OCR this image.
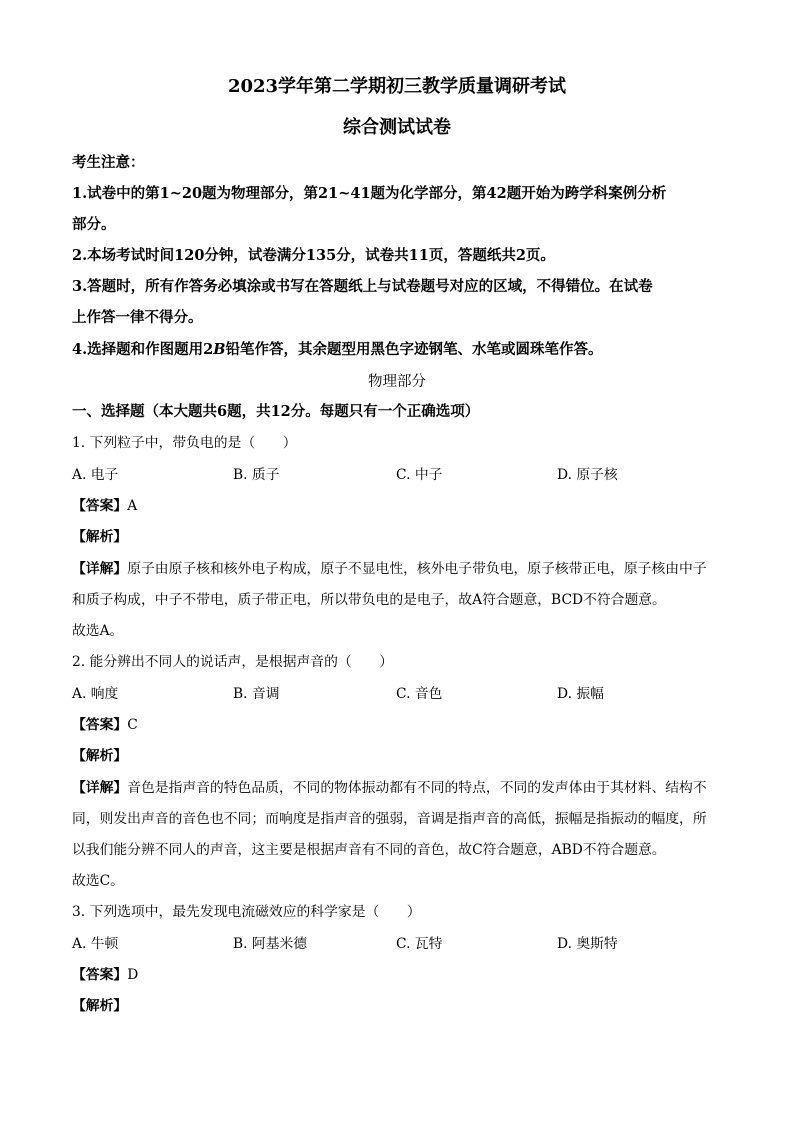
2023学年第二学期初三教学质量调研考试
综合测试试卷
考生注意：
1.试卷中的第1~20题为物理部分，第21~41题为化学部分，第42题开始为跨学科案例分析
部分。
2.本场考试时间120分钟，试卷满分135分，试卷共11页，答题纸共2页。
3.答题时，所有作答务必填涂或书写在答题纸上与试卷题号对应的区域，不得错位。在试卷
上作答一律不得分。
4.选择题和作图题用2B铅笔作答，其余题型用黑色字迹钢笔、水笔或圆珠笔作答。
物理部分
一、选择题（本大题共6题，共12分。每题只有一个正确选项）
1. 下列粒子中，带负电的是（　　）
A. 电子	B. 质子	C. 中子	D. 原子核
【答案】A
【解析】
【详解】原子由原子核和核外电子构成，原子不显电性，核外电子带负电，原子核带正电，原子核由中子
和质子构成，中子不带电，质子带正电，所以带负电的是电子，故A符合题意，BCD不符合题意。
故选A。
2. 能分辨出不同人的说话声，是根据声音的（　　）
A. 响度	B. 音调	C. 音色	D. 振幅
【答案】C
【解析】
【详解】音色是指声音的特色品质，不同的物体振动都有不同的特点，不同的发声体由于其材料、结构不
同，则发出声音的音色也不同；而响度是指声音的强弱，音调是指声音的高低，振幅是指振动的幅度，所
以我们能分辨不同人的声音，这主要是根据声音有不同的音色，故C符合题意，ABD不符合题意。
故选C。
3. 下列选项中，最先发现电流磁效应的科学家是（　　）
A. 牛顿	B. 阿基米德	C. 瓦特	D. 奥斯特
【答案】D
【解析】
